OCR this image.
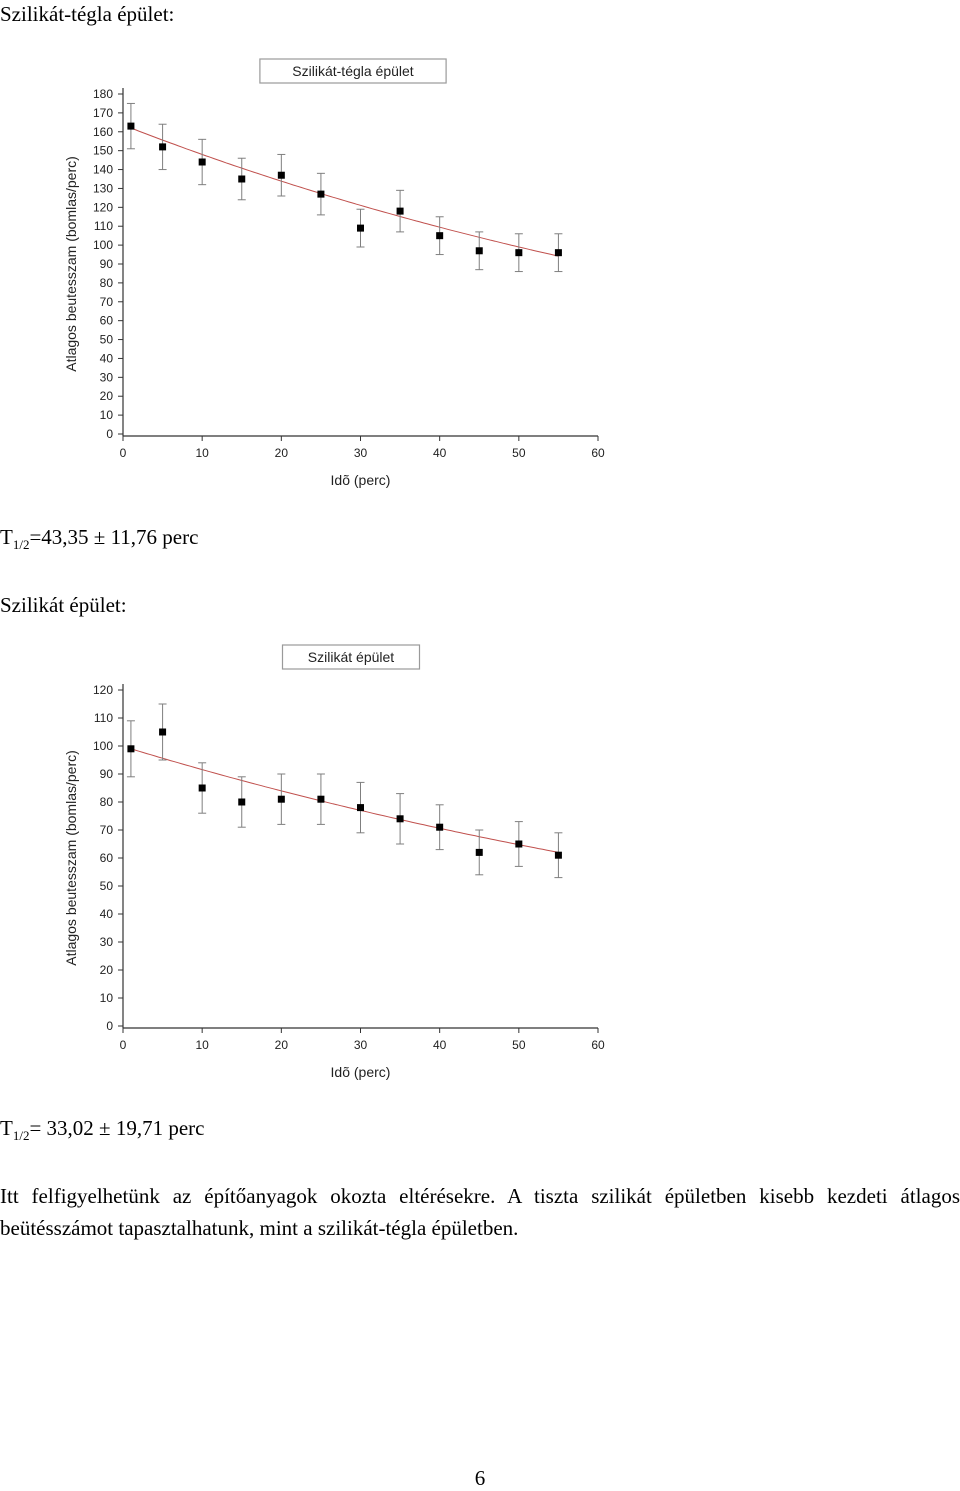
Szilikát-tégla épület:
Szilikát-tégla épület
0
10
20
30
40
50
60
70
80
90
100
110
120
130
140
150
160
170
180
0	10	20	30	40	50	60
Idõ (perc)
Atlagos beutesszam (bomlas/perc)
$T_{1/2}=43,35 \pm 11,76$ perc
Szilikát épület:
Szilikát épület
0
10
20
30
40
50
60
70
80
90
100
110
120
0	10	20	30	40	50	60
Idõ (perc)
Atlagos beutesszam (bomlas/perc)
$T_{1/2}= 33,02 \pm 19,71$ perc
Itt felfigyelhetünk az építőanyagok okozta eltérésekre. A tiszta szilikát épületben kisebb kezdeti átlagos beütésszámot tapasztalhatunk, mint a szilikát-tégla épületben.
6
